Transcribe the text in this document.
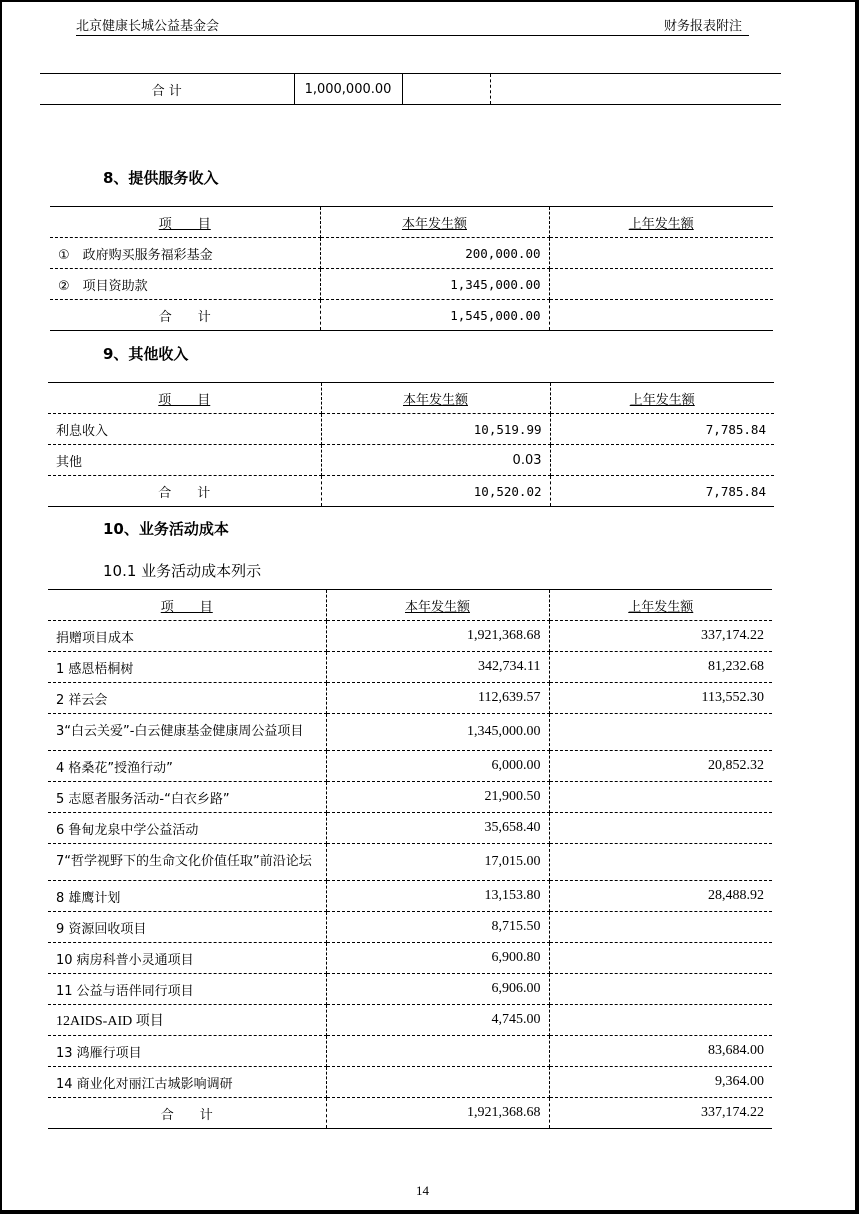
北京健康长城公益基金会	财务报表附注
合 计	1,000,000.00		
8、提供服务收入
项　　目	本年发生额	上年发生额
①　政府购买服务福彩基金	200,000.00	
②　项目资助款	1,345,000.00	
合　　计	1,545,000.00	
9、其他收入
项　　目	本年发生额	上年发生额
利息收入	10,519.99	7,785.84
其他	0.03	
合　　计	10,520.02	7,785.84
10、业务活动成本
10.1 业务活动成本列示
项　　目	本年发生额	上年发生额
捐赠项目成本	1,921,368.68	337,174.22
1 感恩梧桐树	342,734.11	81,232.68
2 祥云会	112,639.57	113,552.30
3“白云关爱”-白云健康基金健康周公益项目	1,345,000.00	
4 格桑花”授渔行动”	6,000.00	20,852.32
5 志愿者服务活动-“白衣乡路”	21,900.50	
6 鲁甸龙泉中学公益活动	35,658.40	
7“哲学视野下的生命文化价值任取”前沿论坛	17,015.00	
8 雄鹰计划	13,153.80	28,488.92
9 资源回收项目	8,715.50	
10 病房科普小灵通项目	6,900.80	
11 公益与语伴同行项目	6,906.00	
12AIDS-AID 项目	4,745.00	
13 鸿雁行项目		83,684.00
14 商业化对丽江古城影响调研		9,364.00
合　　计	1,921,368.68	337,174.22
14
